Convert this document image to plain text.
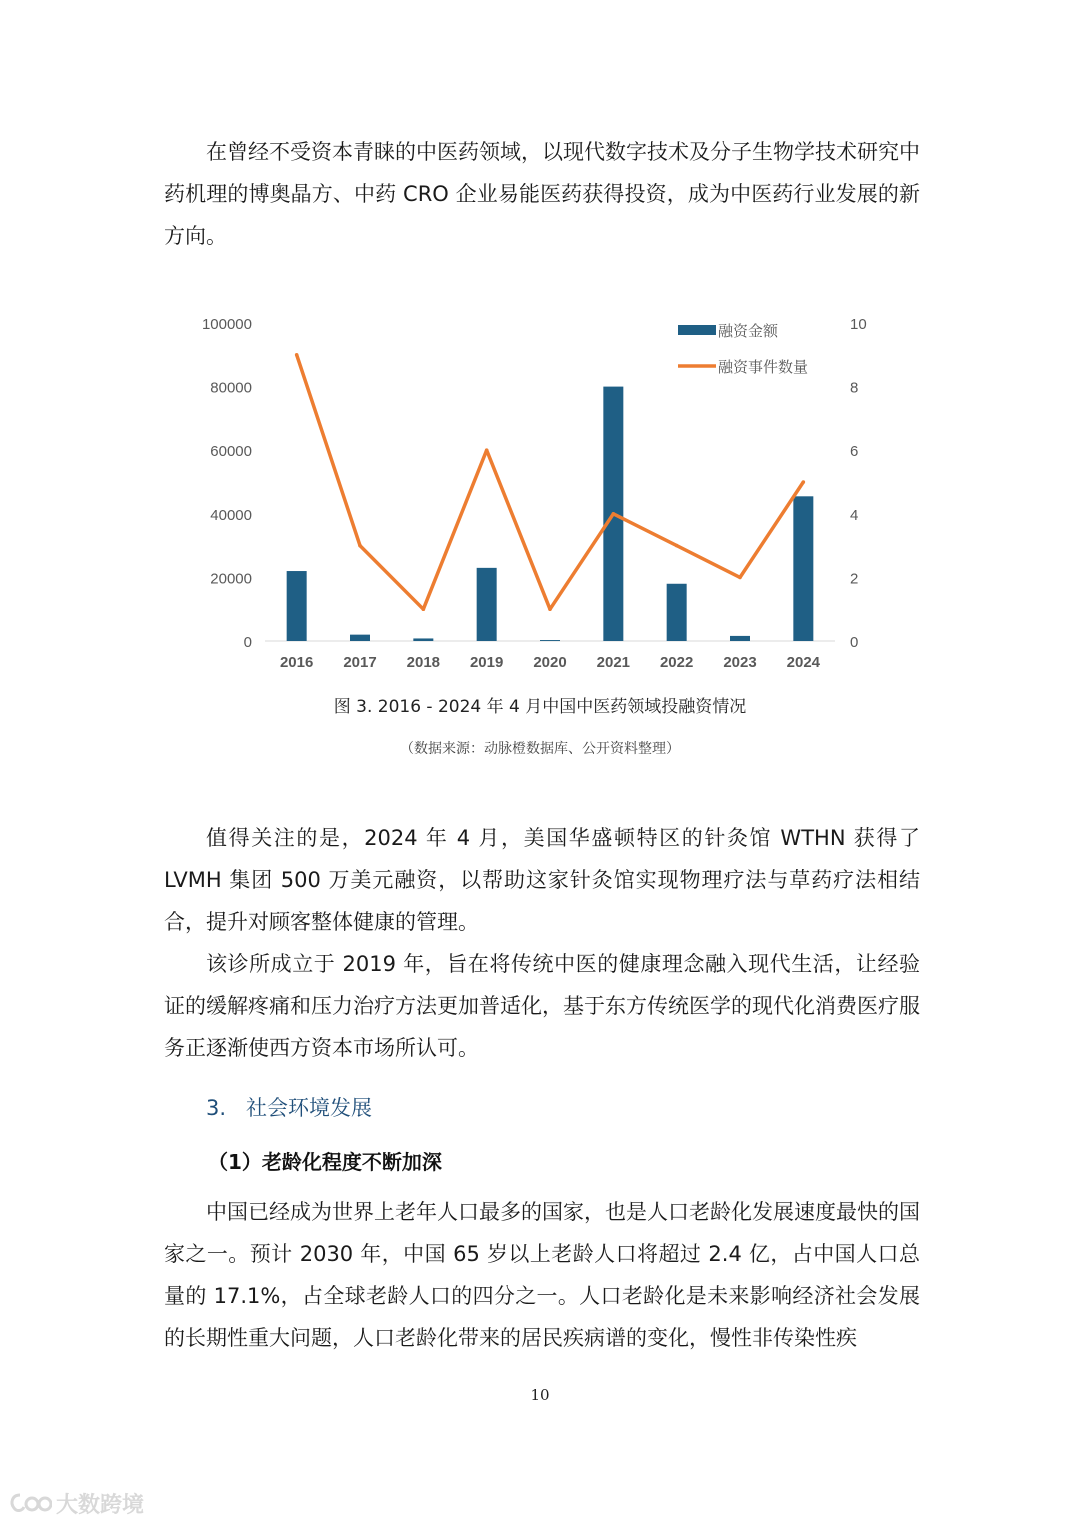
在曾经不受资本青睐的中医药领域，以现代数字技术及分子生物学技术研究中药机理的博奥晶方、中药 CRO 企业易能医药获得投资，成为中医药行业发展的新方向。

0
20000
40000
60000
80000
100000
0
2
4
6
8
10
2016 2017 2018 2019 2020 2021 2022 2023 2024
融资金额
融资事件数量

图 3. 2016 - 2024 年 4 月中国中医药领域投融资情况

（数据来源：动脉橙数据库、公开资料整理）

值得关注的是，2024 年 4 月，美国华盛顿特区的针灸馆 WTHN 获得了 LVMH 集团 500 万美元融资，以帮助这家针灸馆实现物理疗法与草药疗法相结合，提升对顾客整体健康的管理。

该诊所成立于 2019 年，旨在将传统中医的健康理念融入现代生活，让经验证的缓解疼痛和压力治疗方法更加普适化，基于东方传统医学的现代化消费医疗服务正逐渐使西方资本市场所认可。

3. 社会环境发展
（1）老龄化程度不断加深

中国已经成为世界上老年人口最多的国家，也是人口老龄化发展速度最快的国家之一。预计 2030 年，中国 65 岁以上老龄人口将超过 2.4 亿，占中国人口总量的 17.1%，占全球老龄人口的四分之一。人口老龄化是未来影响经济社会发展的长期性重大问题，人口老龄化带来的居民疾病谱的变化，慢性非传染性疾

10
大数跨境
